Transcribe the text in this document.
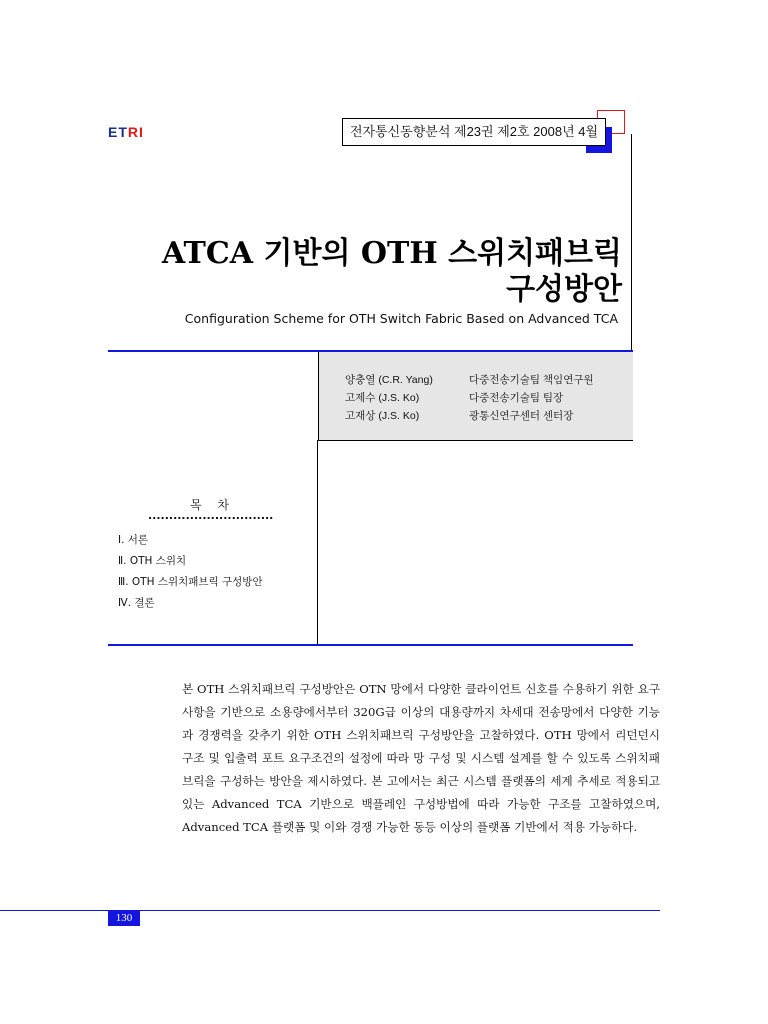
ETRI	전자통신동향분석 제23권 제2호 2008년 4월
ATCA 기반의 OTH 스위치패브릭
구성방안
Configuration Scheme for OTH Switch Fabric Based on Advanced TCA
양충열 (C.R. Yang)	다중전송기술팀 책임연구원
고제수 (J.S. Ko)	다중전송기술팀 팀장
고재상 (J.S. Ko)	광통신연구센터 센터장
목 차
..............................
Ⅰ. 서론
Ⅱ. OTH 스위치
Ⅲ. OTH 스위치패브릭 구성방안
Ⅳ. 결론
본 OTH 스위치패브릭 구성방안은 OTN 망에서 다양한 클라이언트 신호를 수용하기 위한 요구사항을 기반으로 소용량에서부터 320G급 이상의 대용량까지 차세대 전송망에서 다양한 기능과 경쟁력을 갖추기 위한 OTH 스위치패브릭 구성방안을 고찰하였다. OTH 망에서 리던던시 구조 및 입출력 포트 요구조건의 설정에 따라 망 구성 및 시스템 설계를 할 수 있도록 스위치패브릭을 구성하는 방안을 제시하였다. 본 고에서는 최근 시스템 플랫폼의 세계 추세로 적용되고 있는 Advanced TCA 기반으로 백플레인 구성방법에 따라 가능한 구조를 고찰하였으며, Advanced TCA 플랫폼 및 이와 경쟁 가능한 동등 이상의 플랫폼 기반에서 적용 가능하다.
130
